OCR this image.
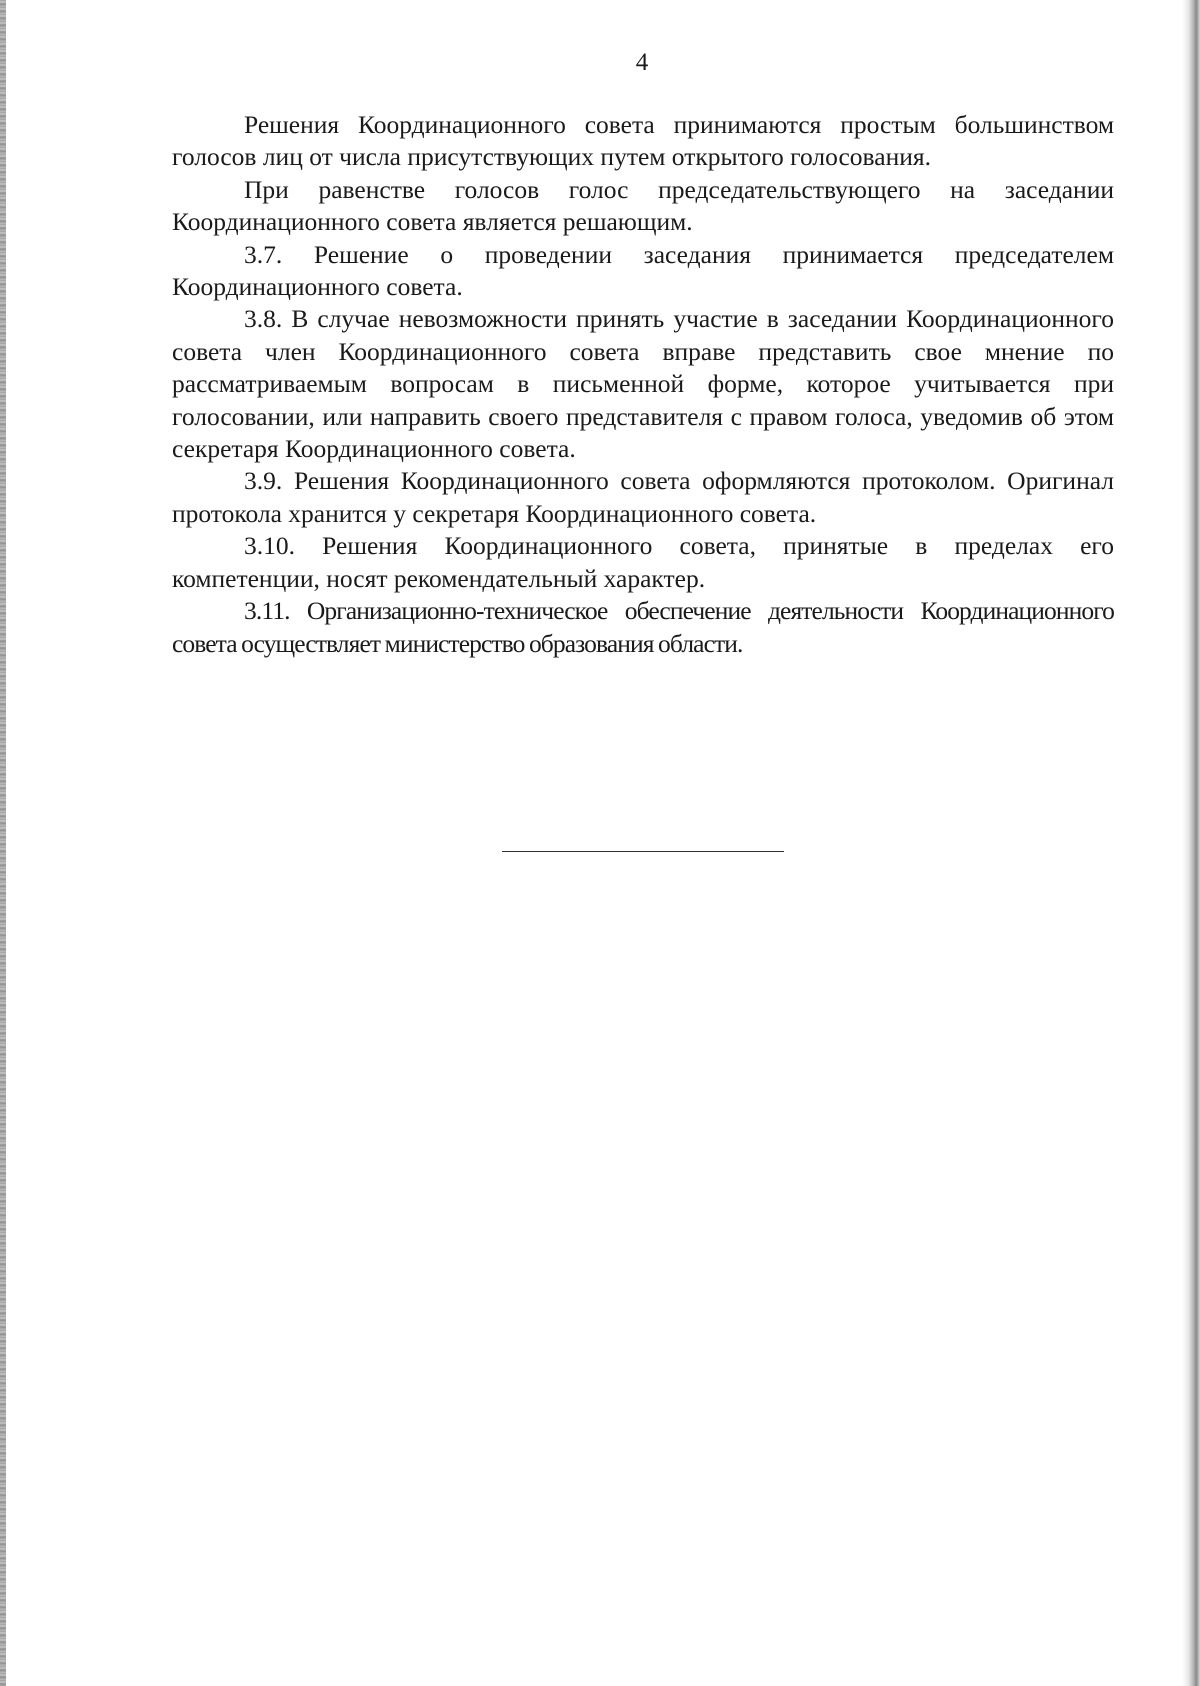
4

Решения Координационного совета принимаются простым большинством голосов лиц от числа присутствующих путем открытого голосования.

При равенстве голосов голос председательствующего на заседании Координационного совета является решающим.

3.7. Решение о проведении заседания принимается председателем Координационного совета.

3.8. В случае невозможности принять участие в заседании Координационного совета член Координационного совета вправе представить свое мнение по рассматриваемым вопросам в письменной форме, которое учитывается при голосовании, или направить своего представителя с правом голоса, уведомив об этом секретаря Координационного совета.

3.9. Решения Координационного совета оформляются протоколом. Оригинал протокола хранится у секретаря Координационного совета.

3.10. Решения Координационного совета, принятые в пределах его компетенции, носят рекомендательный характер.

3.11. Организационно-техническое обеспечение деятельности Координационного совета осуществляет министерство образования области.
